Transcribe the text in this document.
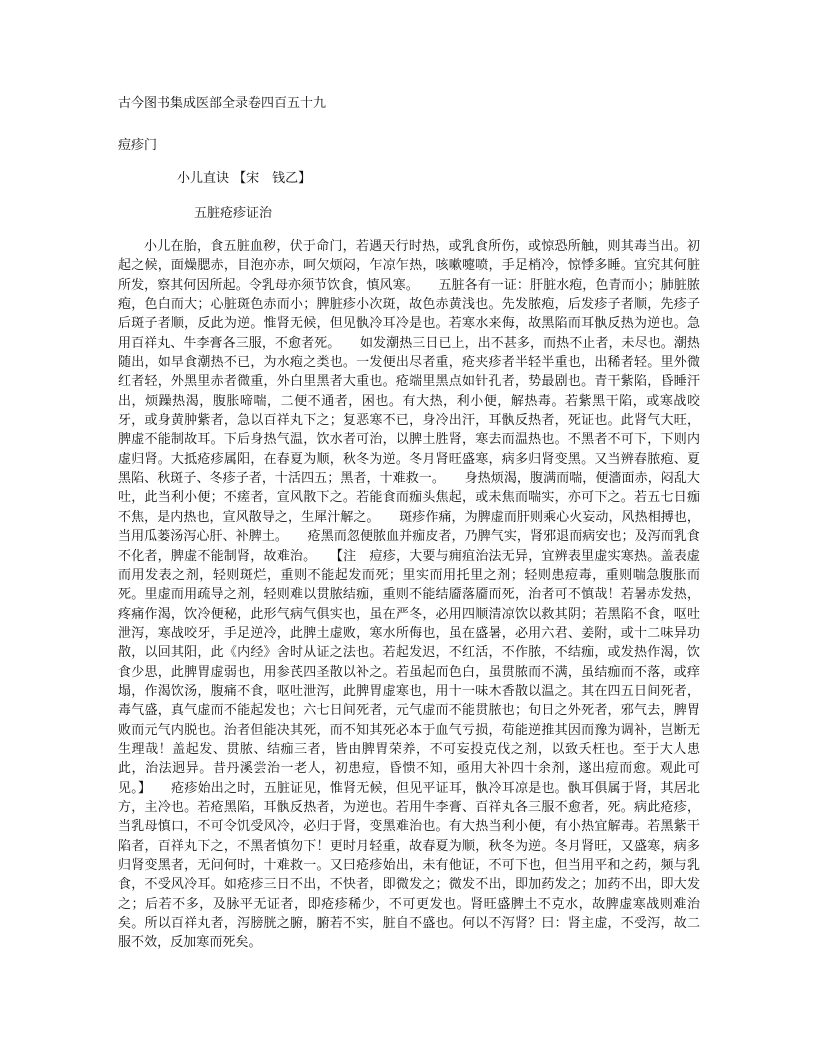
古今图书集成医部全录卷四百五十九
痘疹门
小儿直诀 【宋　钱乙】
五脏疮疹证治

小儿在胎，食五脏血秽，伏于命门，若遇天行时热，或乳食所伤，或惊恐所触，则其毒当出。初起之候，面燥腮赤，目泡亦赤，呵欠烦闷，乍凉乍热，咳嗽嚏喷，手足梢冷，惊悸多睡。宜究其何脏所发，察其何因所起。令乳母亦须节饮食，慎风寒。　　五脏各有一证：肝脏水疱，色青而小；肺脏脓疱，色白而大；心脏斑色赤而小；脾脏疹小次斑，故色赤黄浅也。先发脓疱，后发疹子者顺，先疹子后斑子者顺，反此为逆。惟肾无候，但见骫冷耳冷是也。若寒水来侮，故黑陷而耳骫反热为逆也。急用百祥丸、牛李膏各三服，不愈者死。　　如发潮热三日已上，出不甚多，而热不止者，未尽也。潮热随出，如早食潮热不已，为水疱之类也。一发便出尽者重，疮夹疹者半轻半重也，出稀者轻。里外微红者轻，外黑里赤者微重，外白里黑者大重也。疮端里黑点如针孔者，势最剧也。青干紫陷，昏睡汗出，烦躁热渴，腹胀啼喘，二便不通者，困也。有大热，利小便，解热毒。若紫黑干陷，或寒战咬牙，或身黄肿紫者，急以百祥丸下之；复恶寒不已，身冷出汗，耳骫反热者，死证也。此肾气大旺，脾虚不能制故耳。下后身热气温，饮水者可治，以脾土胜肾，寒去而温热也。不黑者不可下，下则内虚归肾。大抵疮疹属阳，在春夏为顺，秋冬为逆。冬月肾旺盛寒，病多归肾变黑。又当辨春脓疱、夏黑陷、秋斑子、冬疹子者，十活四五；黑者，十难救一。　　身热烦渴，腹满而喘，便濇面赤，闷乱大吐，此当利小便；不瘥者，宣风散下之。若能食而痂头焦起，或未焦而喘实，亦可下之。若五七日痂不焦，是内热也，宣风散导之，生犀汁解之。　　斑疹作痛，为脾虚而肝则乘心火妄动，风热相搏也，当用瓜蒌汤泻心肝、补脾土。　　疮黑而忽便脓血并痂皮者，乃脾气实，肾邪退而病安也；及泻而乳食不化者，脾虚不能制肾，故难治。　　【注　痘疹，大要与痈疽治法无异，宜辨表里虚实寒热。盖表虚而用发表之剂，轻则斑烂，重则不能起发而死；里实而用托里之剂；轻则患痘毒，重则喘急腹胀而死。里虚而用疏导之剂，轻则难以贯脓结痂，重则不能结靥落靥而死，治者可不慎哉！若暑赤发热，疼痛作渴，饮冷便秘，此形气病气俱实也，虽在严冬，必用四顺清凉饮以救其阴；若黑陷不食，呕吐泄泻，寒战咬牙，手足逆冷，此脾土虚败，寒水所侮也，虽在盛暑，必用六君、姜附，或十二味异功散，以回其阳，此《内经》舍时从证之法也。若起发迟，不红活，不作脓，不结痂，或发热作渴，饮食少思，此脾胃虚弱也，用参芪四圣散以补之。若虽起而色白，虽贯脓而不满，虽结痂而不落，或痒塌，作渴饮汤，腹痛不食，呕吐泄泻，此脾胃虚寒也，用十一味木香散以温之。其在四五日间死者，毒气盛，真气虚而不能起发也；六七日间死者，元气虚而不能贯脓也；旬日之外死者，邪气去，脾胃败而元气内脱也。治者但能决其死，而不知其死必本于血气亏损，苟能逆推其因而豫为调补，岂断无生理哉！盖起发、贯脓、结痂三者，皆由脾胃荣养，不可妄投克伐之剂，以致夭枉也。至于大人患此，治法迥异。昔丹溪尝治一老人，初患痘，昏愦不知，亟用大补四十余剂，遂出痘而愈。观此可见。】　　疮疹始出之时，五脏证见，惟肾无候，但见平证耳，骫冷耳凉是也。骫耳俱属于肾，其居北方，主冷也。若疮黑陷，耳骫反热者，为逆也。若用牛李膏、百祥丸各三服不愈者，死。病此疮疹，当乳母慎口，不可令饥受风冷，必归于肾，变黑难治也。有大热当利小便，有小热宜解毒。若黑紫干陷者，百祥丸下之，不黑者慎勿下！更时月轻重，故春夏为顺，秋冬为逆。冬月肾旺，又盛寒，病多归肾变黑者，无问何时，十难救一。又曰疮疹始出，未有他证，不可下也，但当用平和之药，频与乳食，不受风冷耳。如疮疹三日不出，不快者，即微发之；微发不出，即加药发之；加药不出，即大发之；后若不多，及脉平无证者，即疮疹稀少，不可更发也。肾旺盛脾土不克水，故脾虚寒战则难治矣。所以百祥丸者，泻膀胱之腑，腑若不实，脏自不盛也。何以不泻肾？曰：肾主虚，不受泻，故二服不效，反加寒而死矣。
